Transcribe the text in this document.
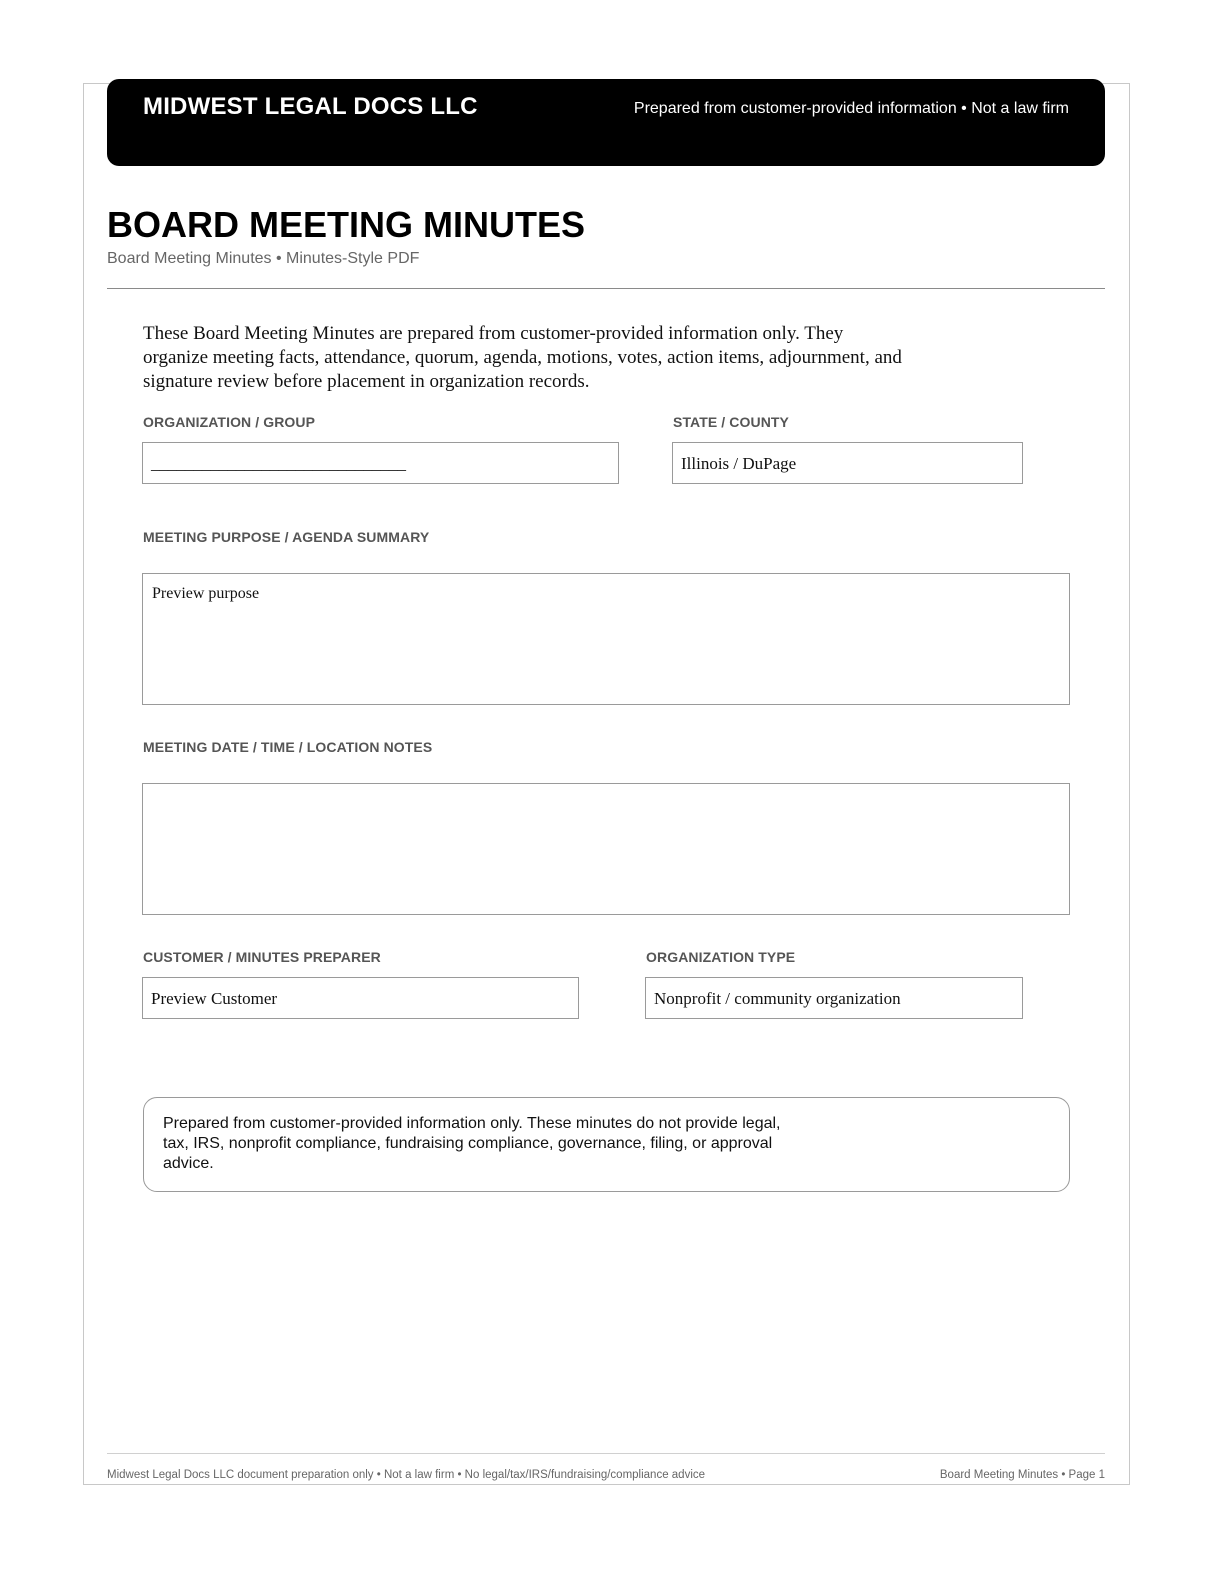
MIDWEST LEGAL DOCS LLC	Prepared from customer-provided information • Not a law firm
BOARD MEETING MINUTES
Board Meeting Minutes • Minutes-Style PDF

These Board Meeting Minutes are prepared from customer-provided information only. They organize meeting facts, attendance, quorum, agenda, motions, votes, action items, adjournment, and signature review before placement in organization records.

ORGANIZATION / GROUP
______________________________
STATE / COUNTY
Illinois / DuPage
MEETING PURPOSE / AGENDA SUMMARY
Preview purpose
MEETING DATE / TIME / LOCATION NOTES
CUSTOMER / MINUTES PREPARER
Preview Customer
ORGANIZATION TYPE
Nonprofit / community organization

Prepared from customer-provided information only. These minutes do not provide legal, tax, IRS, nonprofit compliance, fundraising compliance, governance, filing, or approval advice.

Midwest Legal Docs LLC document preparation only • Not a law firm • No legal/tax/IRS/fundraising/compliance advice	Board Meeting Minutes • Page 1
